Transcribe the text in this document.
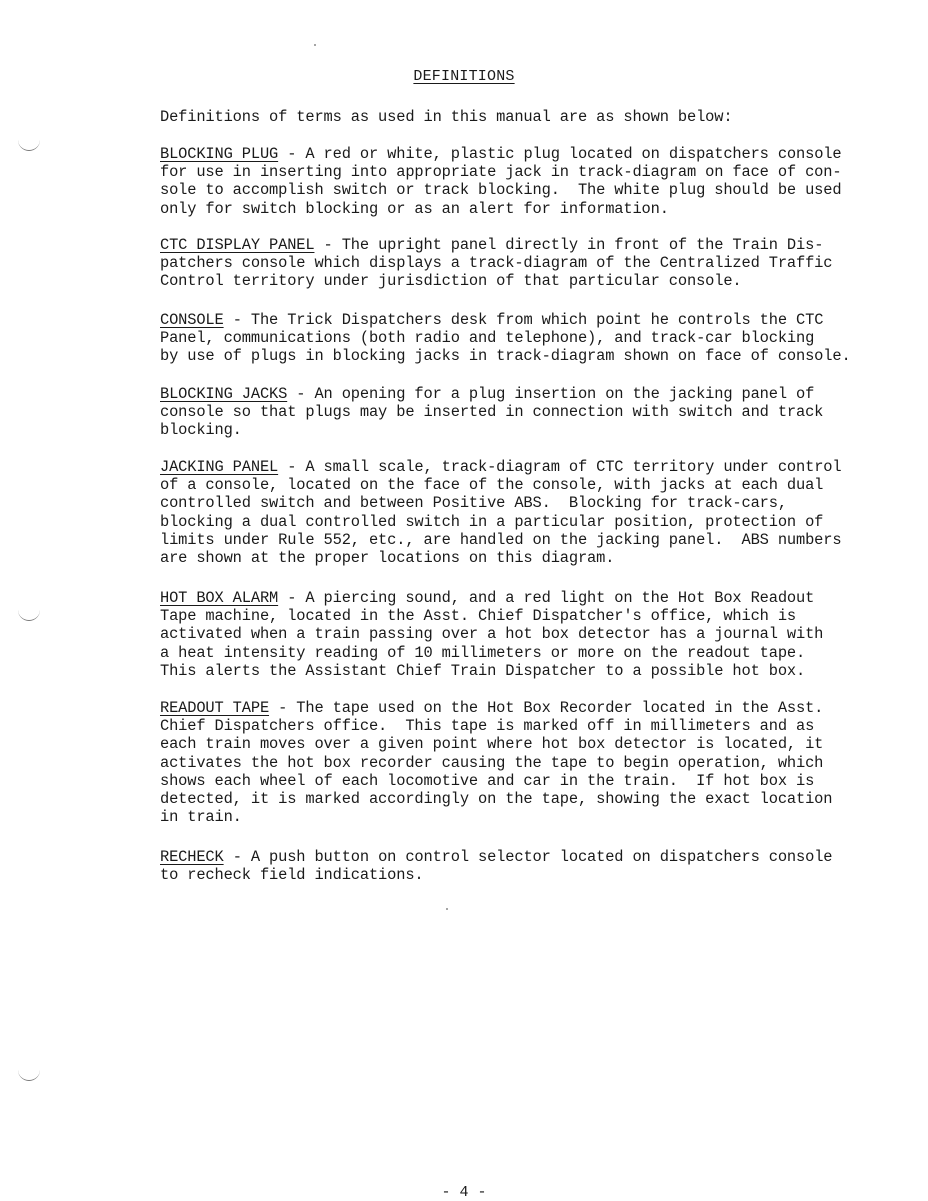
DEFINITIONS
Definitions of terms as used in this manual are as shown below:
BLOCKING PLUG - A red or white, plastic plug located on dispatchers console
for use in inserting into appropriate jack in track-diagram on face of con-
sole to accomplish switch or track blocking.  The white plug should be used
only for switch blocking or as an alert for information.
CTC DISPLAY PANEL - The upright panel directly in front of the Train Dis-
patchers console which displays a track-diagram of the Centralized Traffic
Control territory under jurisdiction of that particular console.
CONSOLE - The Trick Dispatchers desk from which point he controls the CTC
Panel, communications (both radio and telephone), and track-car blocking
by use of plugs in blocking jacks in track-diagram shown on face of console.
BLOCKING JACKS - An opening for a plug insertion on the jacking panel of
console so that plugs may be inserted in connection with switch and track
blocking.
JACKING PANEL - A small scale, track-diagram of CTC territory under control
of a console, located on the face of the console, with jacks at each dual
controlled switch and between Positive ABS.  Blocking for track-cars,
blocking a dual controlled switch in a particular position, protection of
limits under Rule 552, etc., are handled on the jacking panel.  ABS numbers
are shown at the proper locations on this diagram.
HOT BOX ALARM - A piercing sound, and a red light on the Hot Box Readout
Tape machine, located in the Asst. Chief Dispatcher's office, which is
activated when a train passing over a hot box detector has a journal with
a heat intensity reading of 10 millimeters or more on the readout tape.
This alerts the Assistant Chief Train Dispatcher to a possible hot box.
READOUT TAPE - The tape used on the Hot Box Recorder located in the Asst.
Chief Dispatchers office.  This tape is marked off in millimeters and as
each train moves over a given point where hot box detector is located, it
activates the hot box recorder causing the tape to begin operation, which
shows each wheel of each locomotive and car in the train.  If hot box is
detected, it is marked accordingly on the tape, showing the exact location
in train.
RECHECK - A push button on control selector located on dispatchers console
to recheck field indications.
- 4 -
